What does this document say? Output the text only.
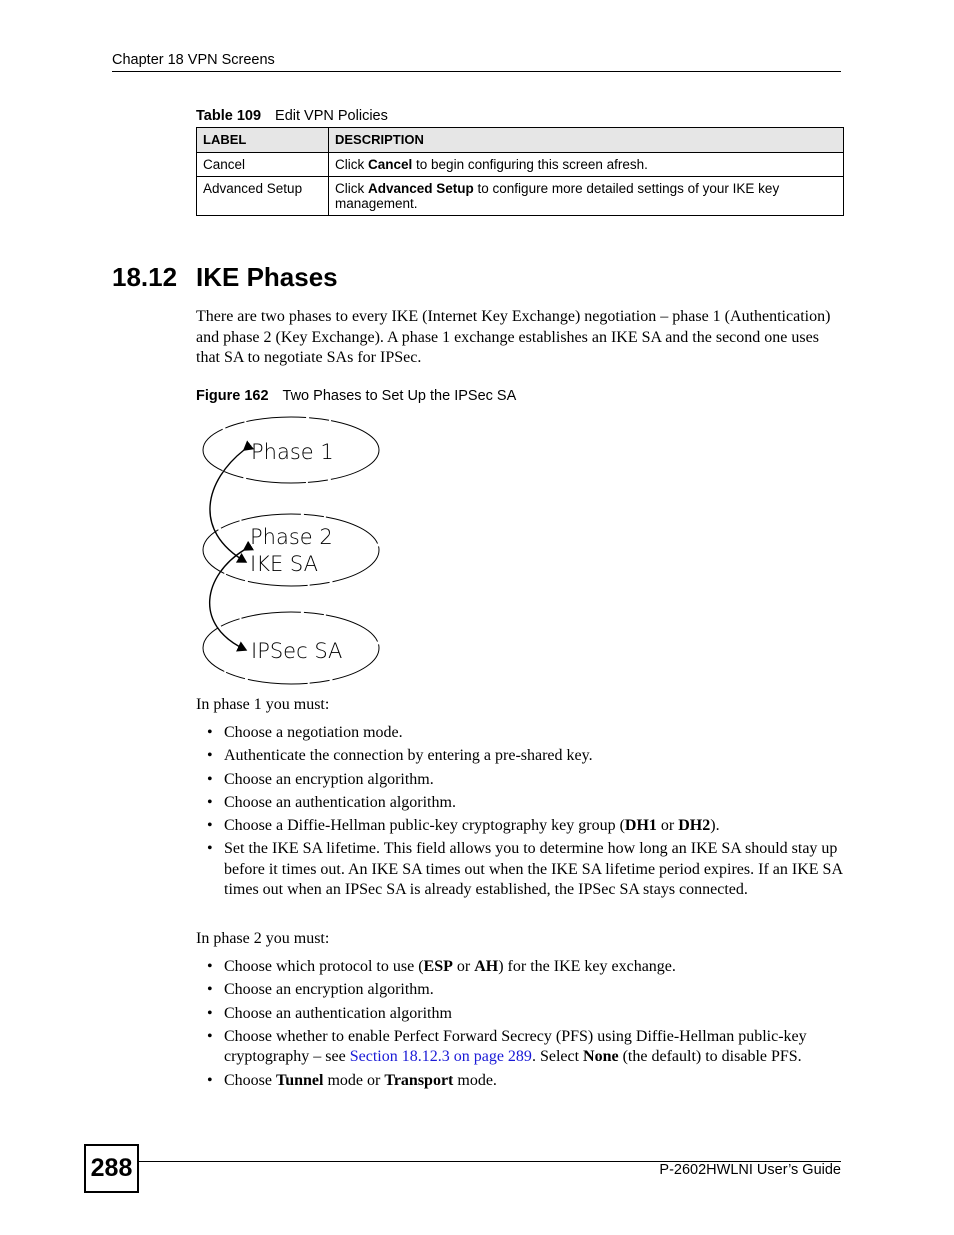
Chapter 18 VPN Screens
Table 109 Edit VPN Policies
LABEL	DESCRIPTION
Cancel	Click Cancel to begin configuring this screen afresh.
Advanced Setup	Click Advanced Setup to configure more detailed settings of your IKE key management.
18.12 IKE Phases

There are two phases to every IKE (Internet Key Exchange) negotiation – phase 1 (Authentication) and phase 2 (Key Exchange). A phase 1 exchange establishes an IKE SA and the second one uses that SA to negotiate SAs for IPSec.

Figure 162 Two Phases to Set Up the IPSec SA
Phase 1
Phase 2
IKE SA
IPSec SA

In phase 1 you must:

• Choose a negotiation mode.
• Authenticate the connection by entering a pre-shared key.
• Choose an encryption algorithm.
• Choose an authentication algorithm.
• Choose a Diffie-Hellman public-key cryptography key group (DH1 or DH2).
• Set the IKE SA lifetime. This field allows you to determine how long an IKE SA should stay up before it times out. An IKE SA times out when the IKE SA lifetime period expires. If an IKE SA times out when an IPSec SA is already established, the IPSec SA stays connected.

In phase 2 you must:

• Choose which protocol to use (ESP or AH) for the IKE key exchange.
• Choose an encryption algorithm.
• Choose an authentication algorithm
• Choose whether to enable Perfect Forward Secrecy (PFS) using Diffie-Hellman public-key cryptography – see Section 18.12.3 on page 289. Select None (the default) to disable PFS.
• Choose Tunnel mode or Transport mode.
288	P-2602HWLNI User’s Guide
